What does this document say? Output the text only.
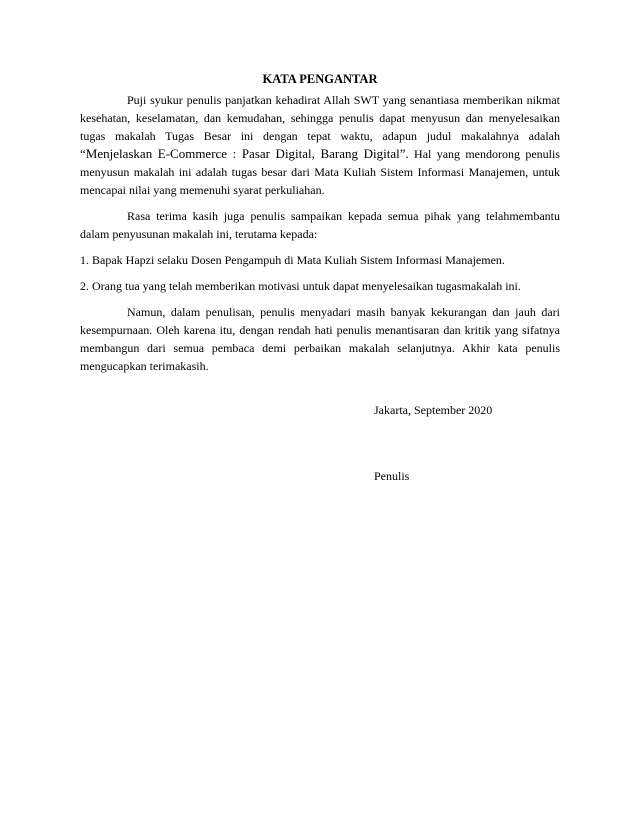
KATA PENGANTAR

Puji syukur penulis panjatkan kehadirat Allah SWT yang senantiasa memberikan nikmat kesehatan, keselamatan, dan kemudahan, sehingga penulis dapat menyusun dan menyelesaikan tugas makalah Tugas Besar ini dengan tepat waktu, adapun judul makalahnya adalah “Menjelaskan E-Commerce : Pasar Digital, Barang Digital”. Hal yang mendorong penulis menyusun makalah ini adalah tugas besar dari Mata Kuliah Sistem Informasi Manajemen, untuk mencapai nilai yang memenuhi syarat perkuliahan.

Rasa terima kasih juga penulis sampaikan kepada semua pihak yang telahmembantu dalam penyusunan makalah ini, terutama kepada:

1. Bapak Hapzi selaku Dosen Pengampuh di Mata Kuliah Sistem Informasi Manajemen.

2. Orang tua yang telah memberikan motivasi untuk dapat menyelesaikan tugasmakalah ini.

Namun, dalam penulisan, penulis menyadari masih banyak kekurangan dan jauh dari kesempurnaan. Oleh karena itu, dengan rendah hati penulis menantisaran dan kritik yang sifatnya membangun dari semua pembaca demi perbaikan makalah selanjutnya. Akhir kata penulis mengucapkan terimakasih.

Jakarta, September 2020
Penulis
